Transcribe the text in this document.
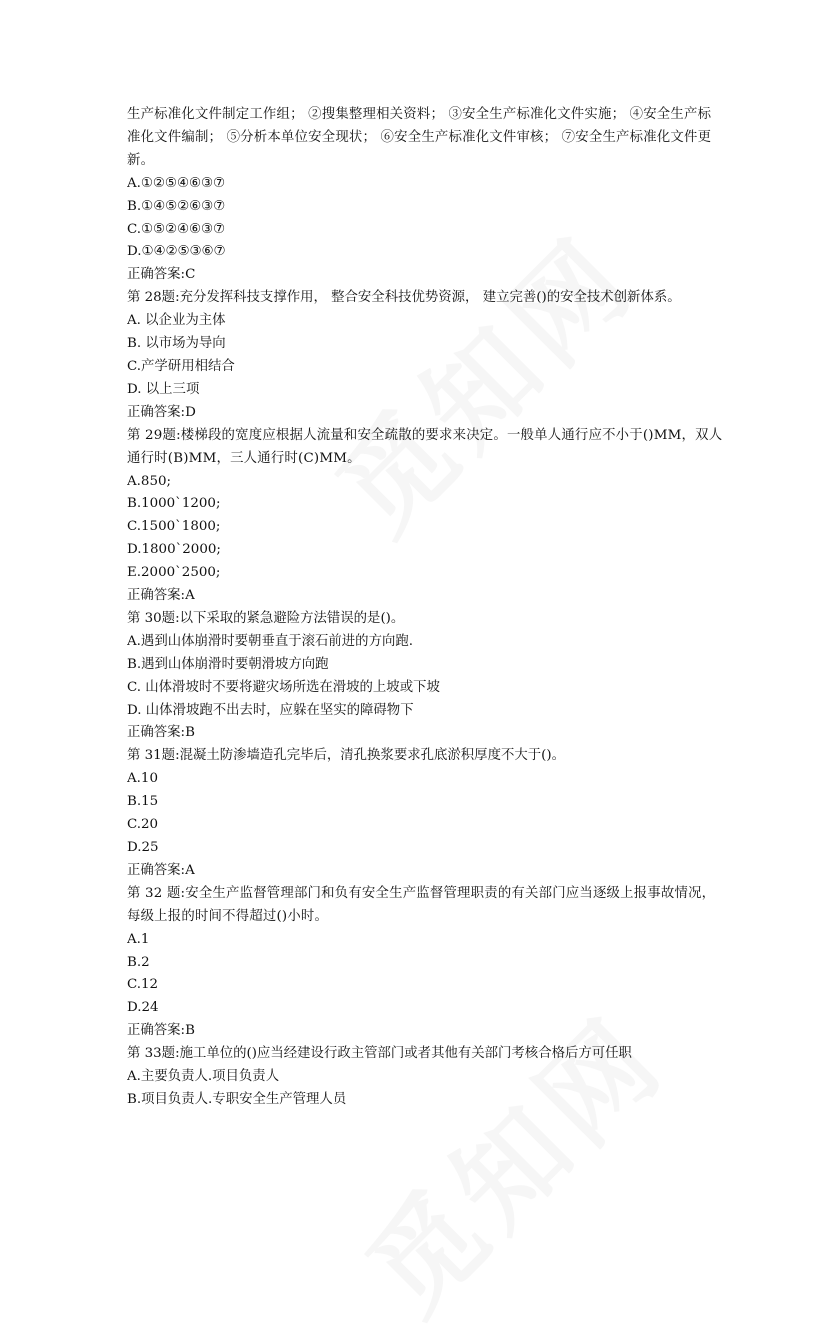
生产标准化文件制定工作组； ②搜集整理相关资料； ③安全生产标准化文件实施； ④安全生产标准化文件编制； ⑤分析本单位安全现状； ⑥安全生产标准化文件审核； ⑦安全生产标准化文件更新。

A.①②⑤④⑥③⑦

B.①④⑤②⑥③⑦

C.①⑤②④⑥③⑦

D.①④②⑤③⑥⑦

正确答案:C

第 28题:充分发挥科技支撑作用， 整合安全科技优势资源， 建立完善()的安全技术创新体系。

A. 以企业为主体

B. 以市场为导向

C.产学研用相结合

D. 以上三项

正确答案:D

第 29题:楼梯段的宽度应根据人流量和安全疏散的要求来决定。一般单人通行应不小于()MM，双人通行时(B)MM，三人通行时(C)MM。

A.850;

B.1000`1200;

C.1500`1800;

D.1800`2000;

E.2000`2500;

正确答案:A

第 30题:以下采取的紧急避险方法错误的是()。

A.遇到山体崩滑时要朝垂直于滚石前进的方向跑.

B.遇到山体崩滑时要朝滑坡方向跑

C. 山体滑坡时不要将避灾场所选在滑坡的上坡或下坡

D. 山体滑坡跑不出去时，应躲在坚实的障碍物下

正确答案:B

第 31题:混凝土防渗墙造孔完毕后，清孔换浆要求孔底淤积厚度不大于()。

A.10

B.15

C.20

D.25

正确答案:A

第 32 题:安全生产监督管理部门和负有安全生产监督管理职责的有关部门应当逐级上报事故情况，每级上报的时间不得超过()小时。

A.1

B.2

C.12

D.24

正确答案:B

第 33题:施工单位的()应当经建设行政主管部门或者其他有关部门考核合格后方可任职

A.主要负责人.项目负责人

B.项目负责人.专职安全生产管理人员
